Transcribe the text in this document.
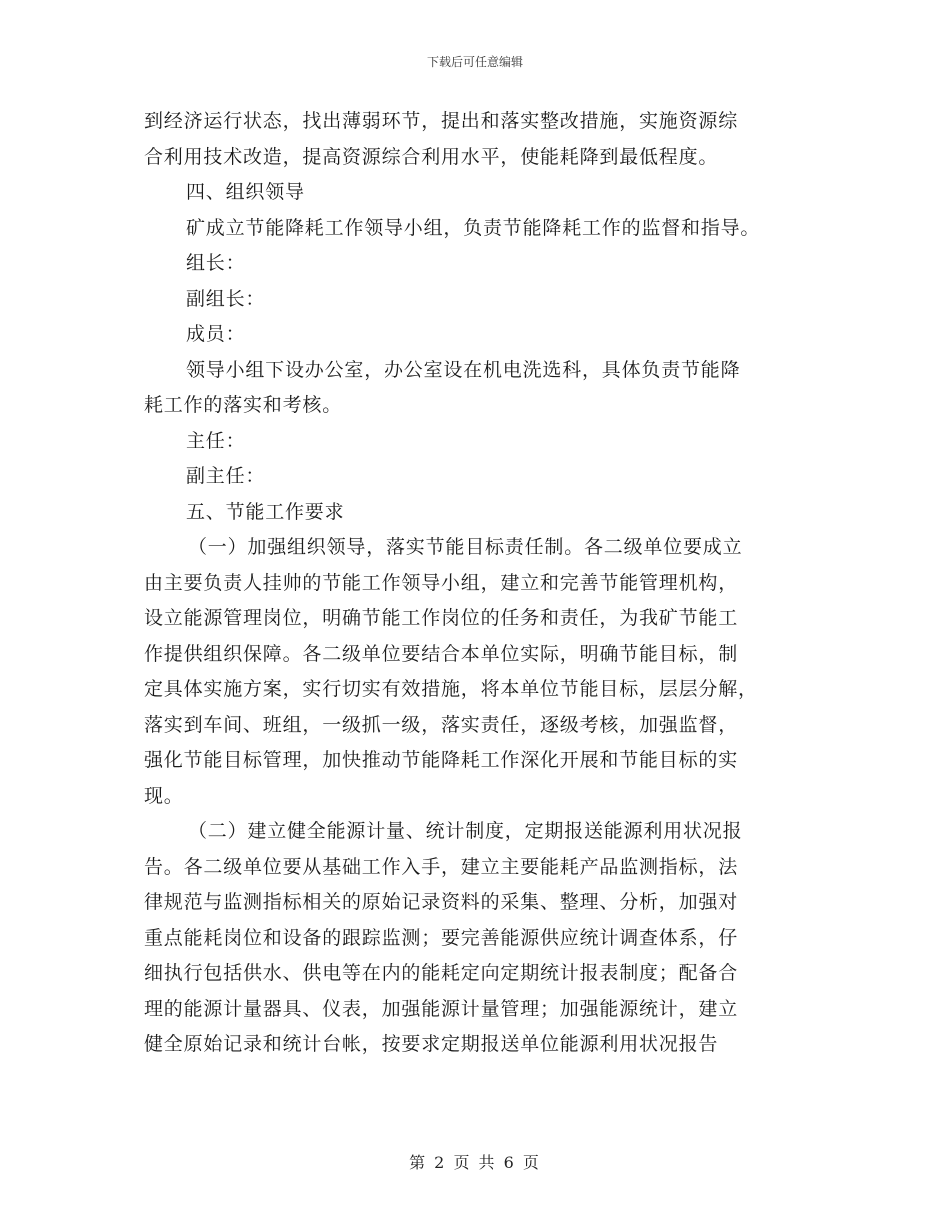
下载后可任意编辑
到经济运行状态，找出薄弱环节，提出和落实整改措施，实施资源综
合利用技术改造，提高资源综合利用水平，使能耗降到最低程度。
四、组织领导
矿成立节能降耗工作领导小组，负责节能降耗工作的监督和指导。
组长：
副组长：
成员：
领导小组下设办公室，办公室设在机电洗选科，具体负责节能降
耗工作的落实和考核。
主任：
副主任：
五、节能工作要求
（一）加强组织领导，落实节能目标责任制。各二级单位要成立
由主要负责人挂帅的节能工作领导小组，建立和完善节能管理机构，
设立能源管理岗位，明确节能工作岗位的任务和责任，为我矿节能工
作提供组织保障。各二级单位要结合本单位实际，明确节能目标，制
定具体实施方案，实行切实有效措施，将本单位节能目标，层层分解，
落实到车间、班组，一级抓一级，落实责任，逐级考核，加强监督，
强化节能目标管理，加快推动节能降耗工作深化开展和节能目标的实
现。
（二）建立健全能源计量、统计制度，定期报送能源利用状况报
告。各二级单位要从基础工作入手，建立主要能耗产品监测指标，法
律规范与监测指标相关的原始记录资料的采集、整理、分析，加强对
重点能耗岗位和设备的跟踪监测；要完善能源供应统计调查体系，仔
细执行包括供水、供电等在内的能耗定向定期统计报表制度；配备合
理的能源计量器具、仪表，加强能源计量管理；加强能源统计，建立
健全原始记录和统计台帐，按要求定期报送单位能源利用状况报告
第 2 页 共 6 页
